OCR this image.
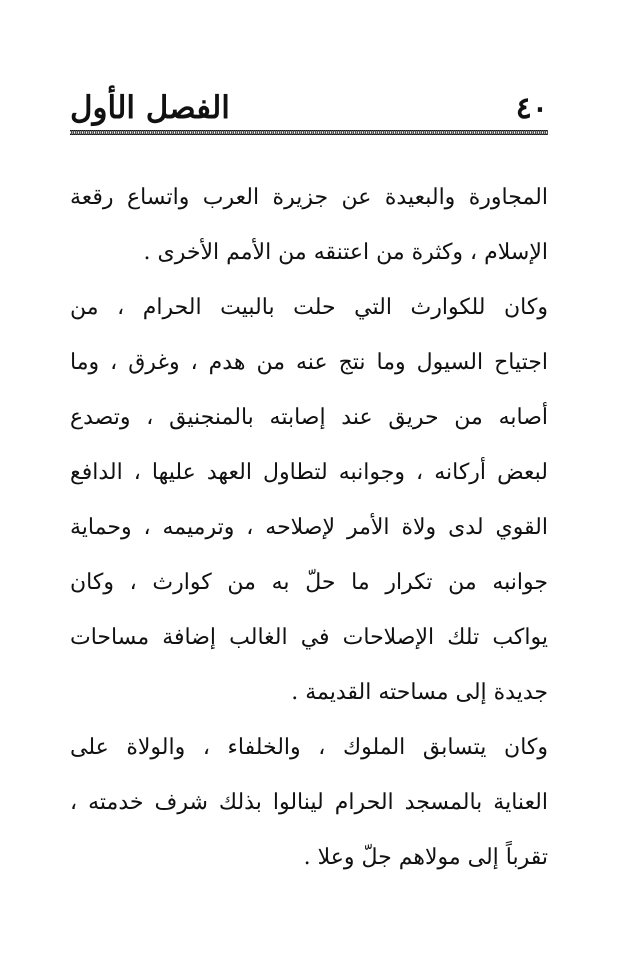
٤٠
الفصل الأول
المجاورة والبعيدة عن جزيرة العرب واتساع رقعة
الإسلام ، وكثرة من اعتنقه من الأمم الأخرى .
وكان للكوارث التي حلت بالبيت الحرام ، من
اجتياح السيول وما نتج عنه من هدم ، وغرق ، وما
أصابه من حريق عند إصابته بالمنجنيق ، وتصدع
لبعض أركانه ، وجوانبه لتطاول العهد عليها ، الدافع
القوي لدى ولاة الأمر لإصلاحه ، وترميمه ، وحماية
جوانبه من تكرار ما حلّ به من كوارث ، وكان
يواكب تلك الإصلاحات في الغالب إضافة مساحات
جديدة إلى مساحته القديمة .
وكان يتسابق الملوك ، والخلفاء ، والولاة على
العناية بالمسجد الحرام لينالوا بذلك شرف خدمته ،
تقرباً إلى مولاهم جلّ وعلا .
